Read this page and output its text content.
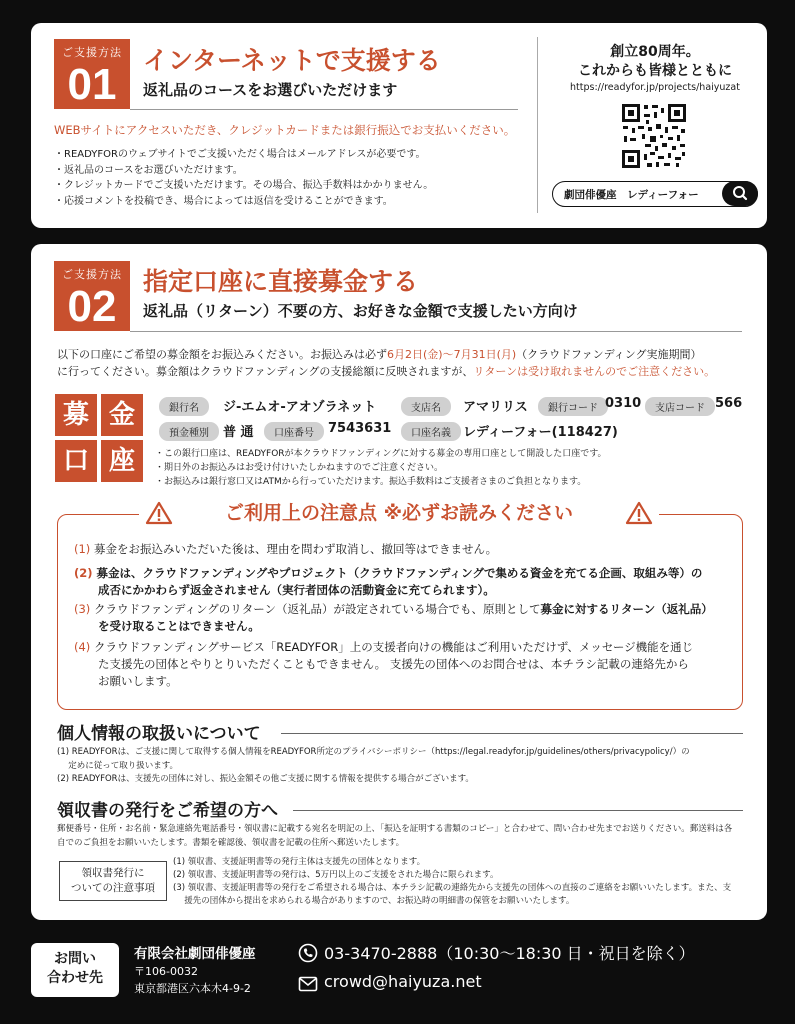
ご支援方法
01	インターネットで支援する
返礼品のコースをお選びいただけます
WEBサイトにアクセスいただき、クレジットカードまたは銀行振込でお支払いください。
・READYFORのウェブサイトでご支援いただく場合はメールアドレスが必要です。
・返礼品のコースをお選びいただけます。
・クレジットカードでご支援いただけます。その場合、振込手数料はかかりません。
・応援コメントを投稿でき、場合によっては返信を受けることができます。
創立80周年。
これからも皆様とともに
https://readyfor.jp/projects/haiyuzat
劇団俳優座　レディーフォー
ご支援方法
02
指定口座に直接募金する
返礼品（リターン）不要の方、お好きな金額で支援したい方向け
以下の口座にご希望の募金額をお振込みください。お振込みは必ず6月2日(金)〜7月31日(月)（クラウドファンディング実施期間）
に行ってください。募金額はクラウドファンディングの支援総額に反映されますが、リターンは受け取れませんのでご注意ください。
募 金
口 座
銀行名	ジ-エムオ-アオゾラネット	支店名	アマリリス	銀行コード 0310	支店コード 566
預金種別	普 通	口座番号	7543631	口座名義 レディーフォー(118427)
・この銀行口座は、READYFORが本クラウドファンディングに対する募金の専用口座として開設した口座です。
・期日外のお振込みはお受け付けいたしかねますのでご注意ください。
・お振込みは銀行窓口又はATMから行っていただけます。振込手数料はご支援者さまのご負担となります。
(1) 募金をお振込みいただいた後は、理由を問わず取消し、撤回等はできません。
(2) 募金は、クラウドファンディングやプロジェクト（クラウドファンディングで集める資金を充てる企画、取組み等）の
成否にかかわらず返金されません（実行者団体の活動資金に充てられます）。
(3) クラウドファンディングのリターン（返礼品）が設定されている場合でも、原則として募金に対するリターン（返礼品）
を受け取ることはできません。
(4) クラウドファンディングサービス「READYFOR」上の支援者向けの機能はご利用いただけず、メッセージ機能を通じ
た支援先の団体とやりとりいただくこともできません。 支援先の団体へのお問合せは、本チラシ記載の連絡先から
お願いします。
ご利用上の注意点 ※必ずお読みください
個人情報の取扱いについて
(1) READYFORは、ご支援に関して取得する個人情報をREADYFOR所定のプライバシーポリシー（https://legal.readyfor.jp/guidelines/others/privacypolicy/）の
　 定めに従って取り扱います。
(2) READYFORは、支援先の団体に対し、振込金額その他ご支援に関する情報を提供する場合がございます。
領収書の発行をご希望の方へ
郵便番号・住所・お名前・緊急連絡先電話番号・領収書に記載する宛名を明記の上、「振込を証明する書類のコピー」と合わせて、問い合わせ先までお送りください。郵送料は各
自でのご負担をお願いいたします。書類を確認後、領収書を記載の住所へ郵送いたします。
領収書発行に
ついての注意事項
(1) 領収書、支援証明書等の発行主体は支援先の団体となります。
(2) 領収書、支援証明書等の発行は、5万円以上のご支援をされた場合に限られます。
(3) 領収書、支援証明書等の発行をご希望される場合は、本チラシ記載の連絡先から支援先の団体への直接のご連絡をお願いいたします。また、支
　 援先の団体から提出を求められる場合がありますので、お振込時の明細書の保管をお願いいたします。
お問い
合わせ先
有限会社劇団俳優座
〒106-0032
東京都港区六本木4-9-2
03-3470-2888（10:30〜18:30 日・祝日を除く）
crowd@haiyuza.net
